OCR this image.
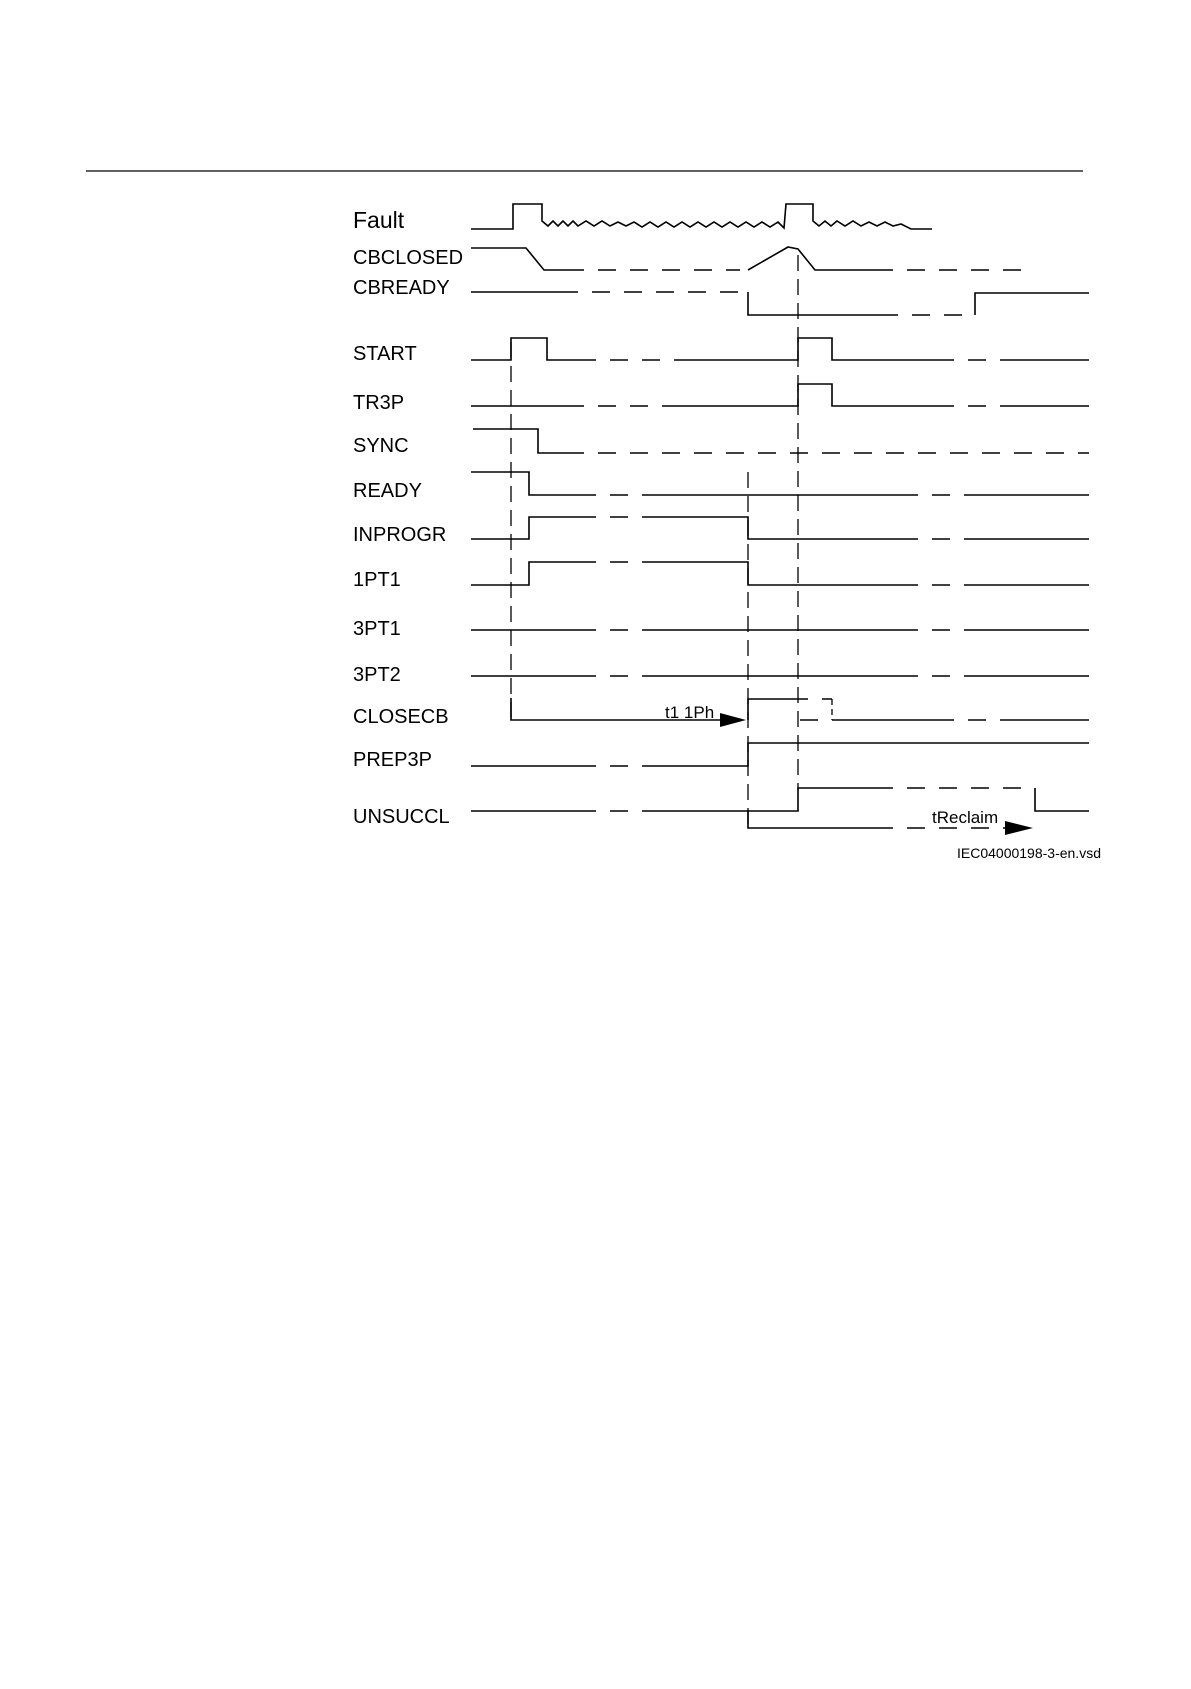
Fault
CBCLOSED
CBREADY
START
TR3P
SYNC
READY
INPROGR
1PT1
3PT1
3PT2
CLOSECB
PREP3P
UNSUCCL
t1 1Ph
tReclaim
IEC04000198-3-en.vsd
